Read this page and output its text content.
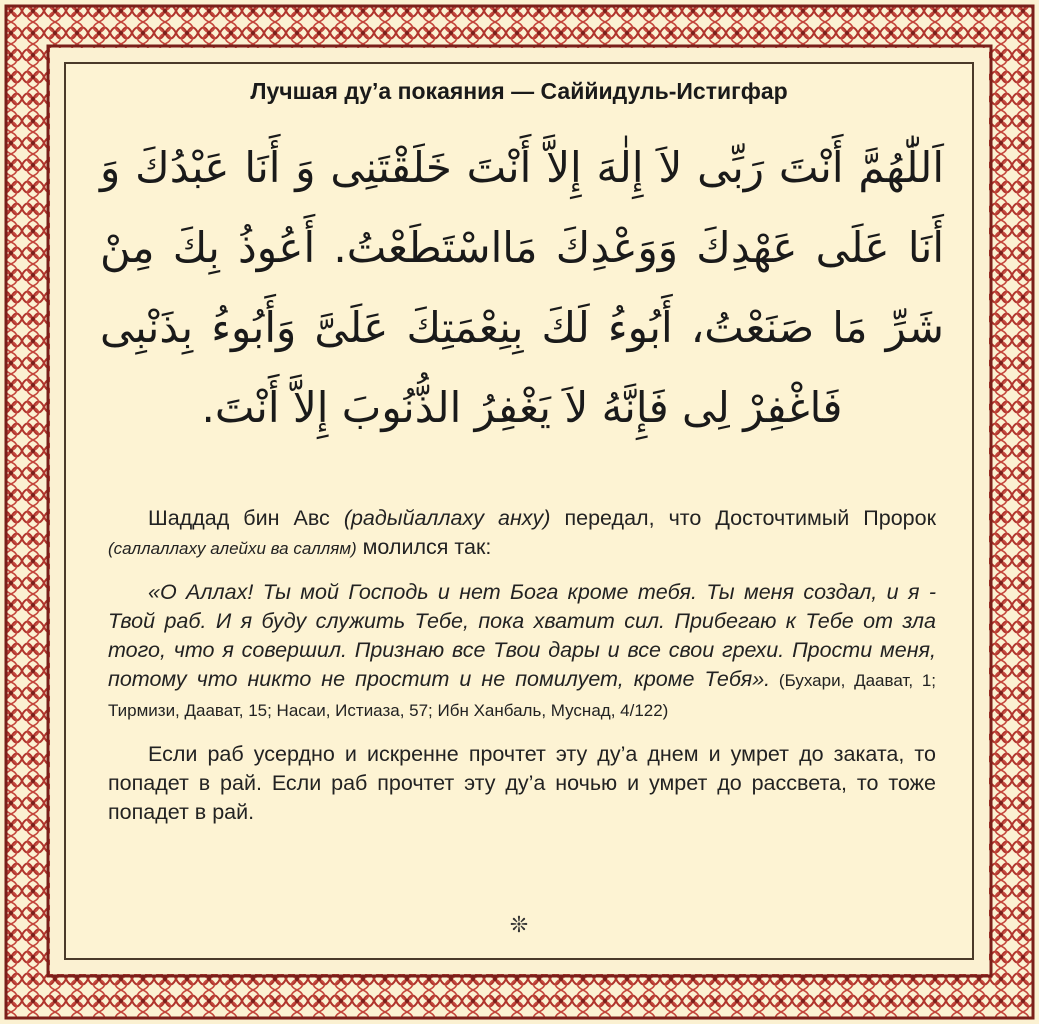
Лучшая ду’а покаяния — Саййидуль-Истигфар
اَللّٰهُمَّ أَنْتَ رَبِّى لاَ إِلٰهَ إِلاَّ أَنْتَ خَلَقْتَنِى وَ أَنَا عَبْدُكَ وَ أَنَا عَلَى عَهْدِكَ وَوَعْدِكَ مَااسْتَطَعْتُ. أَعُوذُ بِكَ مِنْ شَرِّ مَا صَنَعْتُ، أَبُوءُ لَكَ بِنِعْمَتِكَ عَلَىَّ وَأَبُوءُ بِذَنْبِى فَاغْفِرْ لِى فَإِنَّهُ لاَ يَغْفِرُ الذُّنُوبَ إِلاَّ أَنْتَ.

Шаддад бин Авс (радыйаллаху анху) передал, что Досточтимый Пророк (саллаллаху алейхи ва саллям) молился так:

«О Аллах! Ты мой Господь и нет Бога кроме тебя. Ты меня создал, и я - Твой раб. И я буду служить Тебе, пока хватит сил. Прибегаю к Тебе от зла того, что я совершил. Признаю все Твои дары и все свои грехи. Прости меня, потому что никто не простит и не помилует, кроме Тебя». (Бухари, Даават, 1; Тирмизи, Даават, 15; Насаи, Истиаза, 57; Ибн Ханбаль, Муснад, 4/122)

Если раб усердно и искренне прочтет эту ду’а днем и умрет до заката, то попадет в рай. Если раб прочтет эту ду’а ночью и умрет до рассвета, то тоже попадет в рай.

❊
